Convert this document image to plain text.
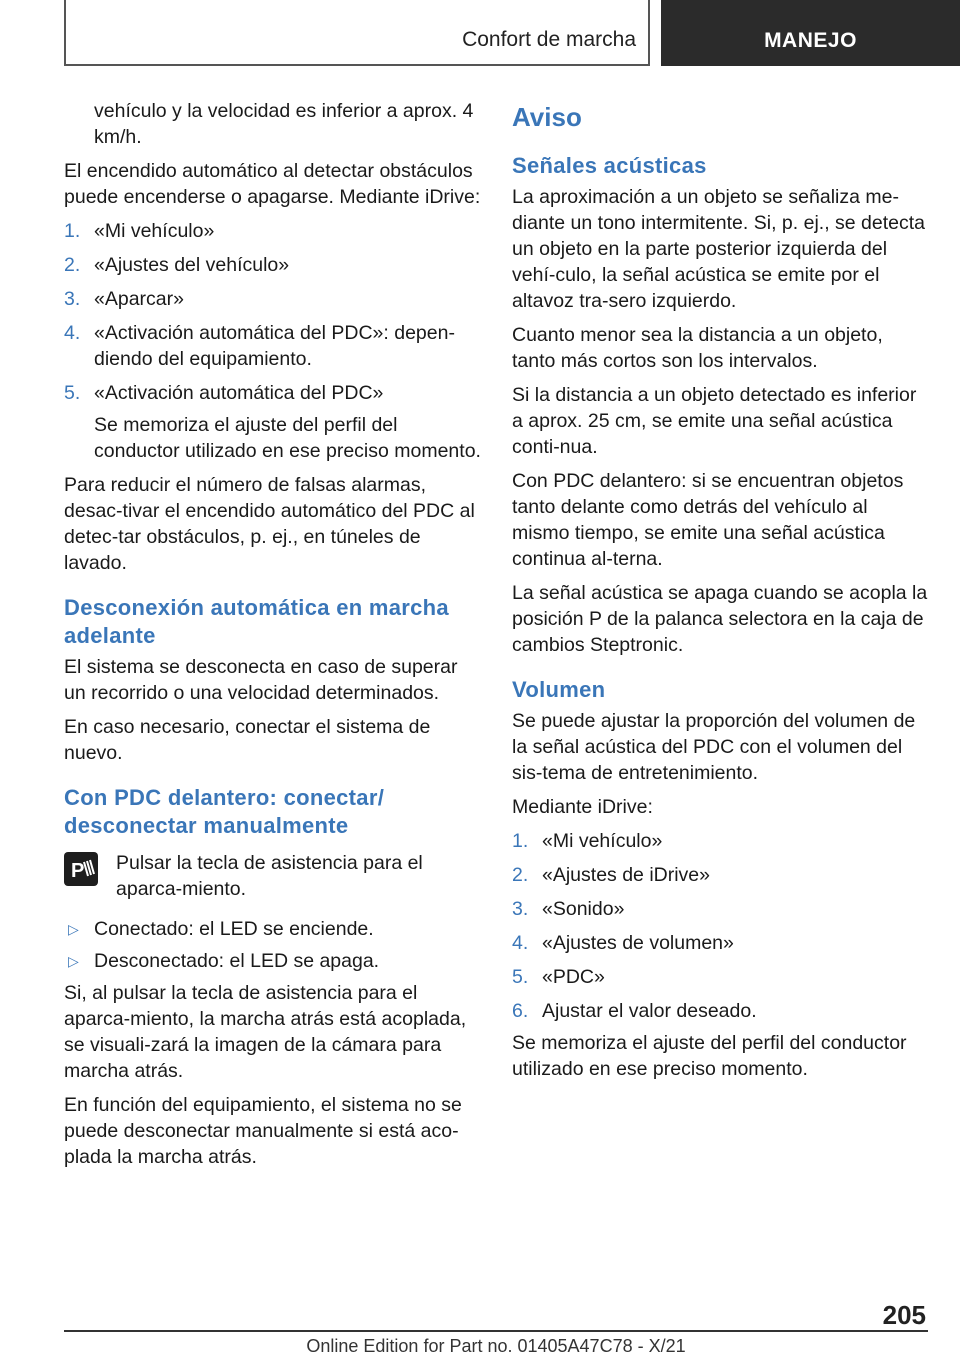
Confort de marcha	MANEJO
vehículo y la velocidad es inferior a aprox. 4 km/h.
El encendido automático al detectar obstáculos puede encenderse o apagarse. Mediante iDrive:
1. «Mi vehículo»
2. «Ajustes del vehículo»
3. «Aparcar»
4. «Activación automática del PDC»: depen-diendo del equipamiento.
5. «Activación automática del PDC»
Se memoriza el ajuste del perfil del conductor utilizado en ese preciso momento.
Para reducir el número de falsas alarmas, desac-tivar el encendido automático del PDC al detec-tar obstáculos, p. ej., en túneles de lavado.
Desconexión automática en marcha adelante
El sistema se desconecta en caso de superar un recorrido o una velocidad determinados.
En caso necesario, conectar el sistema de nuevo.
Con PDC delantero: conectar/ desconectar manualmente
P Pulsar la tecla de asistencia para el aparca-miento.
▷ Conectado: el LED se enciende.
▷ Desconectado: el LED se apaga.
Si, al pulsar la tecla de asistencia para el aparca-miento, la marcha atrás está acoplada, se visuali-zará la imagen de la cámara para marcha atrás.
En función del equipamiento, el sistema no se puede desconectar manualmente si está aco-plada la marcha atrás.
Aviso
Señales acústicas
La aproximación a un objeto se señaliza me-diante un tono intermitente. Si, p. ej., se detecta un objeto en la parte posterior izquierda del vehí-culo, la señal acústica se emite por el altavoz tra-sero izquierdo.
Cuanto menor sea la distancia a un objeto, tanto más cortos son los intervalos.
Si la distancia a un objeto detectado es inferior a aprox. 25 cm, se emite una señal acústica conti-nua.
Con PDC delantero: si se encuentran objetos tanto delante como detrás del vehículo al mismo tiempo, se emite una señal acústica continua al-terna.
La señal acústica se apaga cuando se acopla la posición P de la palanca selectora en la caja de cambios Steptronic.
Volumen
Se puede ajustar la proporción del volumen de la señal acústica del PDC con el volumen del sis-tema de entretenimiento.
Mediante iDrive:
1. «Mi vehículo»
2. «Ajustes de iDrive»
3. «Sonido»
4. «Ajustes de volumen»
5. «PDC»
6. Ajustar el valor deseado.
Se memoriza el ajuste del perfil del conductor utilizado en ese preciso momento.
205
Online Edition for Part no. 01405A47C78 - X/21
